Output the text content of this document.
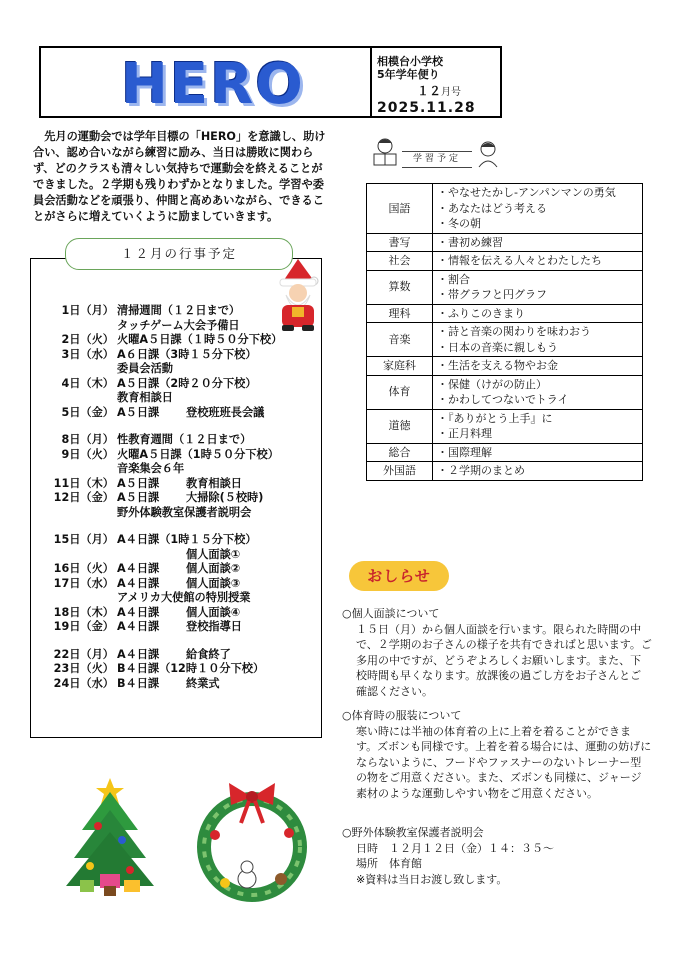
HERO	相模台小学校
5年学年便り
１２月号
2025.11.28
先月の運動会では学年目標の「HERO」を意識し、助け合い、認め合いながら練習に励み、当日は勝敗に関わらず、どのクラスも清々しい気持ちで運動会を終えることができました。２学期も残りわずかとなりました。学習や委員会活動などを頑張り、仲間と高めあいながら、できることがさらに増えていくように励ましていきます。
１２月の行事予定
1日（月） 清掃週間（１２日まで）
タッチゲーム大会予備日
2日（火） 火曜A５日課（１時５０分下校）
3日（水） A６日課（3時１５分下校）
委員会活動
4日（木） A５日課（2時２０分下校）
教育相談日
5日（金） A５日課 登校班班長会議
8日（月） 性教育週間（１２日まで）
9日（火） 火曜A５日課（1時５０分下校）
音楽集会６年
11日（木） A５日課 教育相談日
12日（金） A５日課 大掃除(５校時)
野外体験教室保護者説明会
15日（月） A４日課（1時１５分下校）
個人面談①
16日（火） A４日課 個人面談②
17日（水） A４日課 個人面談③
アメリカ大使館の特別授業
18日（木） A４日課 個人面談④
19日（金） A４日課 登校指導日
22日（月） A４日課 給食終了
23日（火） B４日課（12時１０分下校）
24日（水） B４日課 終業式
学習予定
国語	・ やなせたかし-アンパンマンの勇気
・ あなたはどう考える
・ 冬の朝

書写	・ 書初め練習

社会	・ 情報を伝える人々とわたしたち

算数	・ 割合
・ 帯グラフと円グラフ

理科	・ ふりこのきまり

音楽	・ 詩と音楽の関わりを味わおう
・ 日本の音楽に親しもう

家庭科	・ 生活を支える物やお金

体育	・ 保健（けがの防止）
・ かわしてつないでトライ

道徳	・ 『ありがとう上手』に
・ 正月料理

総合	・ 国際理解

外国語	・ ２学期のまとめ
おしらせ
○個人面談について
１５日（月）から個人面談を行います。限られた時間の中で、２学期のお子さんの様子を共有できればと思います。ご多用の中ですが、どうぞよろしくお願いします。また、下校時間も早くなります。放課後の過ごし方をお子さんとご確認ください。
○体育時の服装について
寒い時には半袖の体育着の上に上着を着ることができます。ズボンも同様です。上着を着る場合には、運動の妨げにならないように、フードやファスナーのないトレーナー型の物をご用意ください。また、ズボンも同様に、ジャージ素材のような運動しやすい物をご用意ください。
○野外体験教室保護者説明会
日時　１２月１２日（金）１４：３５～
場所　体育館
※資料は当日お渡し致します。
